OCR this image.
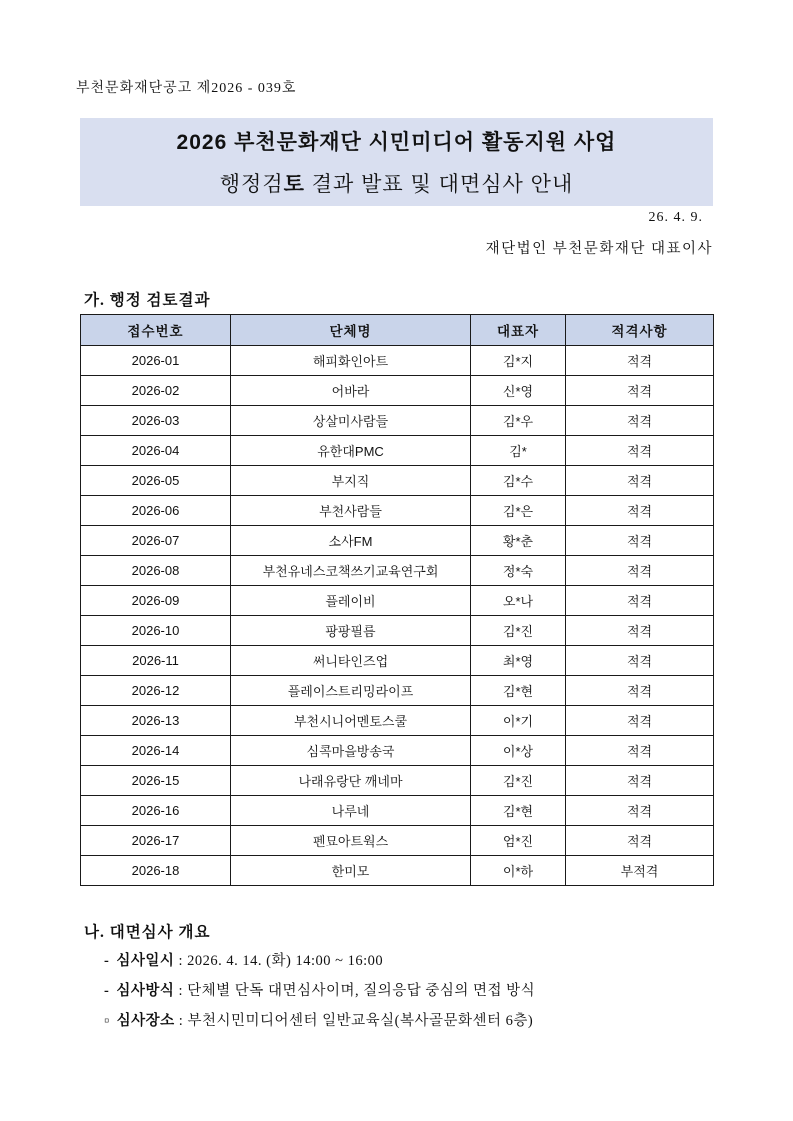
부천문화재단공고 제2026 - 039호
2026 부천문화재단 시민미디어 활동지원 사업
행정검토 결과 발표 및 대면심사 안내
26. 4. 9.
재단법인 부천문화재단 대표이사
가. 행정 검토결과
접수번호	단체명	대표자	적격사항
2026-01	해피화인아트	김*지	적격
2026-02	어바라	신*영	적격
2026-03	상살미사람들	김*우	적격
2026-04	유한대PMC	김*	적격
2026-05	부지직	김*수	적격
2026-06	부천사람들	김*은	적격
2026-07	소사FM	황*춘	적격
2026-08	부천유네스코책쓰기교육연구회	정*숙	적격
2026-09	플레이비	오*나	적격
2026-10	팡팡필름	김*진	적격
2026-11	써니타인즈업	최*영	적격
2026-12	플레이스트리밍라이프	김*현	적격
2026-13	부천시니어멘토스쿨	이*기	적격
2026-14	심콕마을방송국	이*상	적격
2026-15	나래유랑단 깨네마	김*진	적격
2026-16	나루네	김*현	적격
2026-17	펜묘아트웍스	엄*진	적격
2026-18	한미모	이*하	부적격
나. 대면심사 개요
- 심사일시 : 2026. 4. 14. (화) 14:00 ~ 16:00
- 심사방식 : 단체별 단독 대면심사이며, 질의응답 중심의 면접 방식
▫ 심사장소 : 부천시민미디어센터 일반교육실(복사골문화센터 6층)
